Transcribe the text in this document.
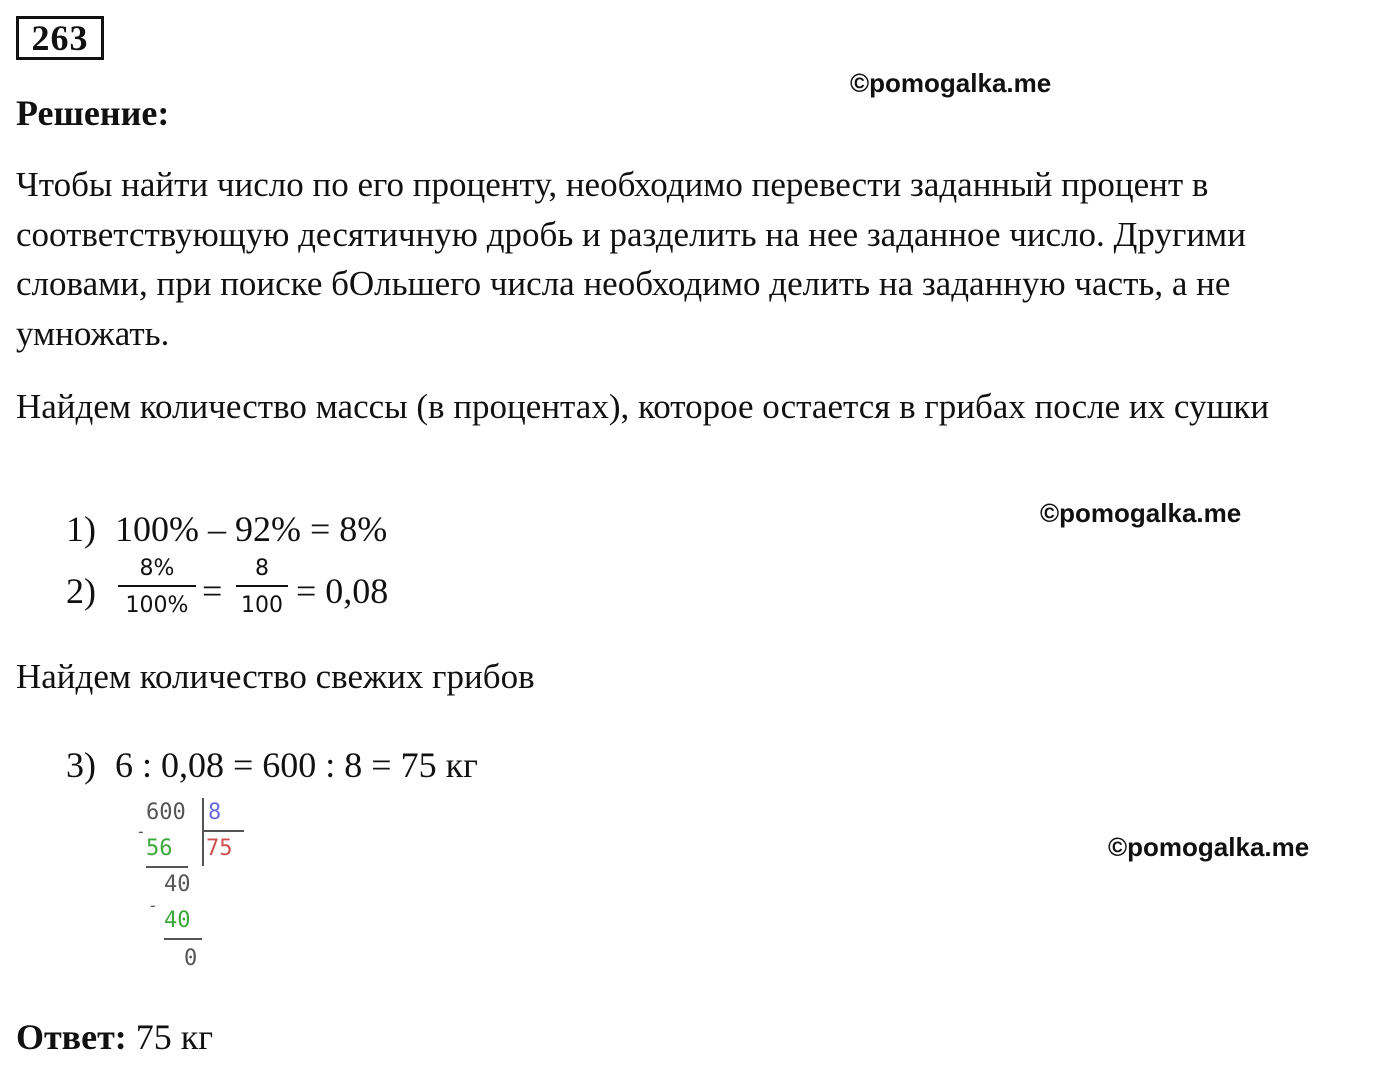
263
©pomogalka.me
Решение:
Чтобы найти число по его проценту, необходимо перевести заданный процент в соответствующую десятичную дробь и разделить на нее заданное число. Другими словами, при поиске бОльшего числа необходимо делить на заданную часть, а не умножать.
Найдем количество массы (в процентах), которое остается в грибах после их сушки
1) 100% – 92% = 8%	©pomogalka.me
2)
8%
100% =
8
100 = 0,08
Найдем количество свежих грибов
3) 6 : 0,08 = 600 : 8 = 75 кг
©pomogalka.me
600 8
75
-
56
40
-
40
0
Ответ: 75 кг
